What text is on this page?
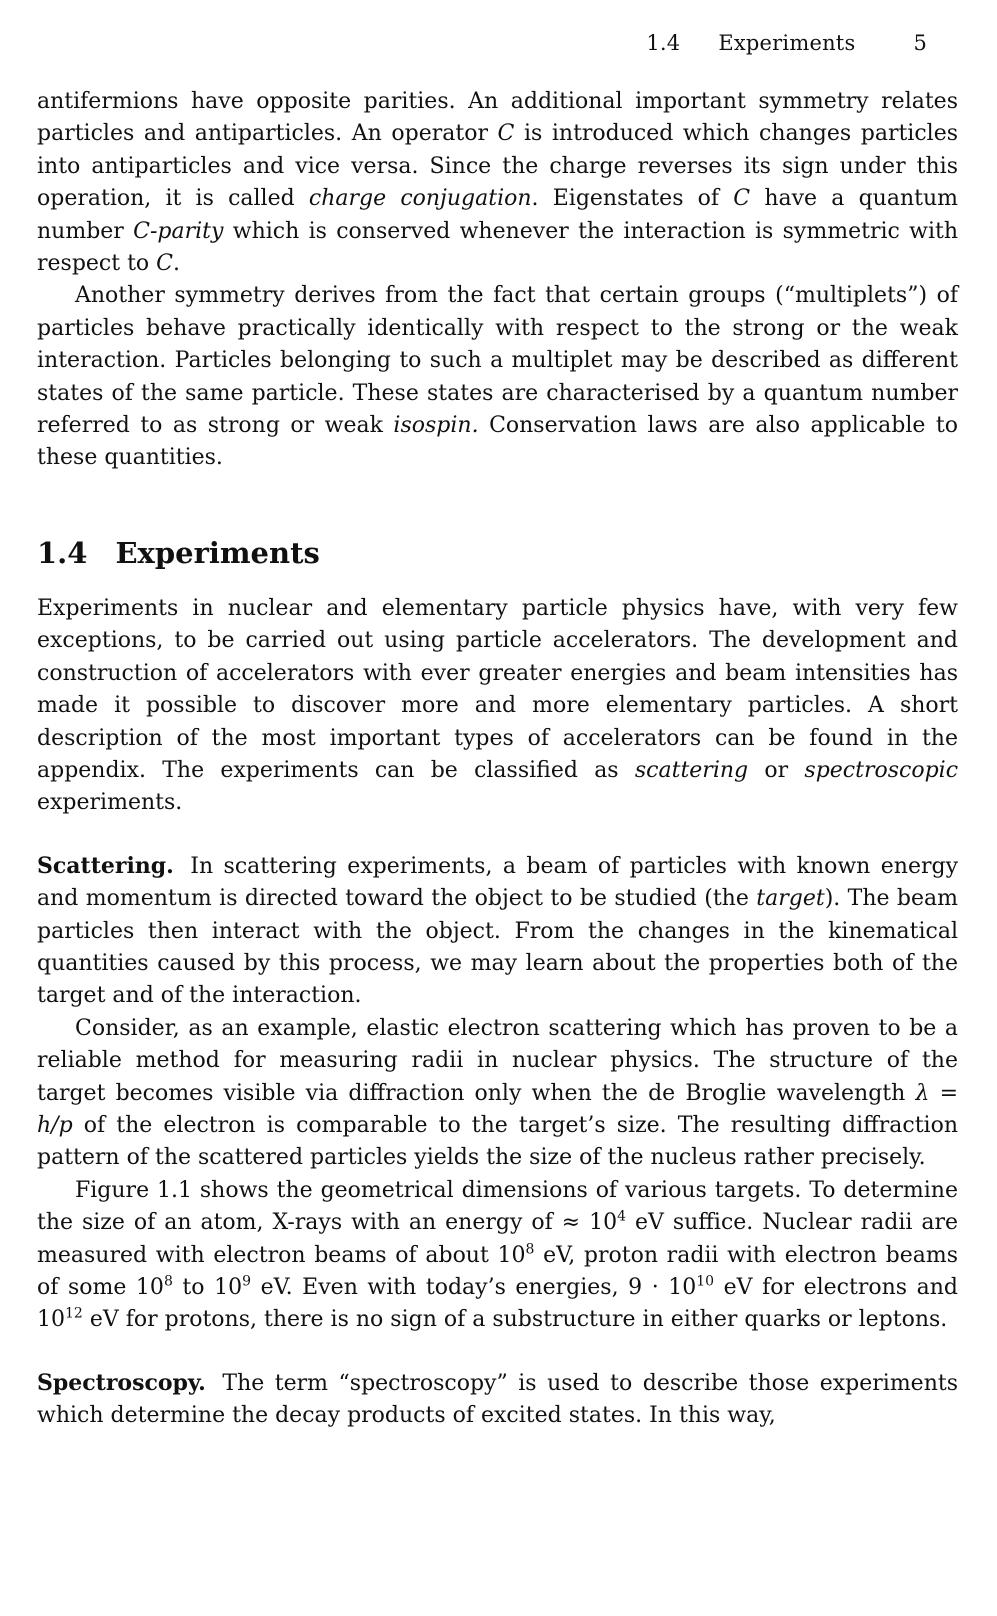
1.4 Experiments	5

antifermions have opposite parities. An additional important symmetry relates particles and antiparticles. An operator C is introduced which changes particles into antiparticles and vice versa. Since the charge reverses its sign under this operation, it is called charge conjugation. Eigenstates of C have a quantum number C-parity which is conserved whenever the interaction is symmetric with respect to C.

Another symmetry derives from the fact that certain groups (“multiplets”) of particles behave practically identically with respect to the strong or the weak interaction. Particles belonging to such a multiplet may be described as different states of the same particle. These states are characterised by a quantum number referred to as strong or weak isospin. Conservation laws are also applicable to these quantities.

1.4 Experiments

Experiments in nuclear and elementary particle physics have, with very few exceptions, to be carried out using particle accelerators. The development and construction of accelerators with ever greater energies and beam intensities has made it possible to discover more and more elementary particles. A short description of the most important types of accelerators can be found in the appendix. The experiments can be classified as scattering or spectroscopic experiments.

Scattering. In scattering experiments, a beam of particles with known energy and momentum is directed toward the object to be studied (the target). The beam particles then interact with the object. From the changes in the kinematical quantities caused by this process, we may learn about the properties both of the target and of the interaction.

Consider, as an example, elastic electron scattering which has proven to be a reliable method for measuring radii in nuclear physics. The structure of the target becomes visible via diffraction only when the de Broglie wavelength λ = h/p of the electron is comparable to the target’s size. The resulting diffraction pattern of the scattered particles yields the size of the nucleus rather precisely.

Figure 1.1 shows the geometrical dimensions of various targets. To determine the size of an atom, X-rays with an energy of ≈ $10^4$ eV suffice. Nuclear radii are measured with electron beams of about $10^8$ eV, proton radii with electron beams of some $10^8$ to $10^9$ eV. Even with today’s energies, $9 \cdot 10^{10}$ eV for electrons and $10^{12}$ eV for protons, there is no sign of a substructure in either quarks or leptons.

Spectroscopy. The term “spectroscopy” is used to describe those experiments which determine the decay products of excited states. In this way,
